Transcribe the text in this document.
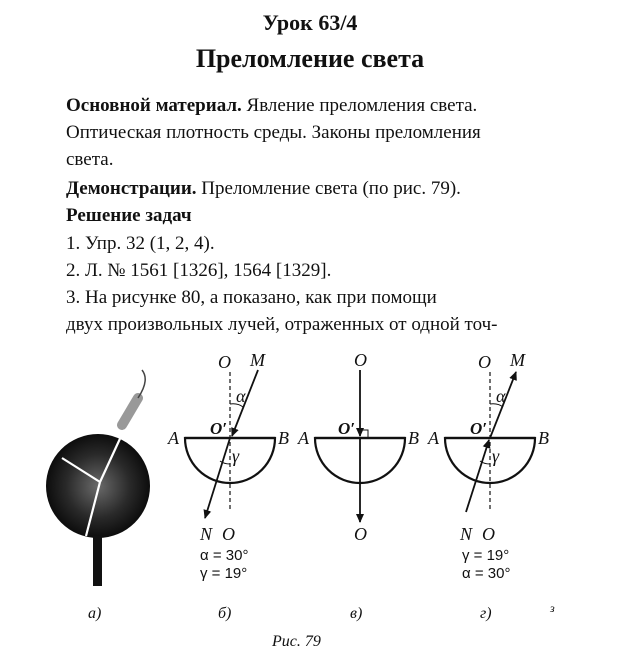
Урок 63/4
Преломление света

Основной материал. Явление преломления света.
Оптическая плотность среды. Законы преломления
света.

Демонстрации. Преломление света (по рис. 79).

Решение задач

1. Упр. 32 (1, 2, 4).

2. Л. № 1561 [1326], 1564 [1329].

3. На рисунке 80, а показано, как при помощи

двух произвольных лучей, отраженных от одной точ-

O M
α
O′
A	B
γ
N O
α = 30°
γ = 19°
O
O′
A	B
O
O M
α
O′
A	B
γ
N O
γ = 19°
α = 30°
а)	б)	в)	г)	з
Рис. 79
